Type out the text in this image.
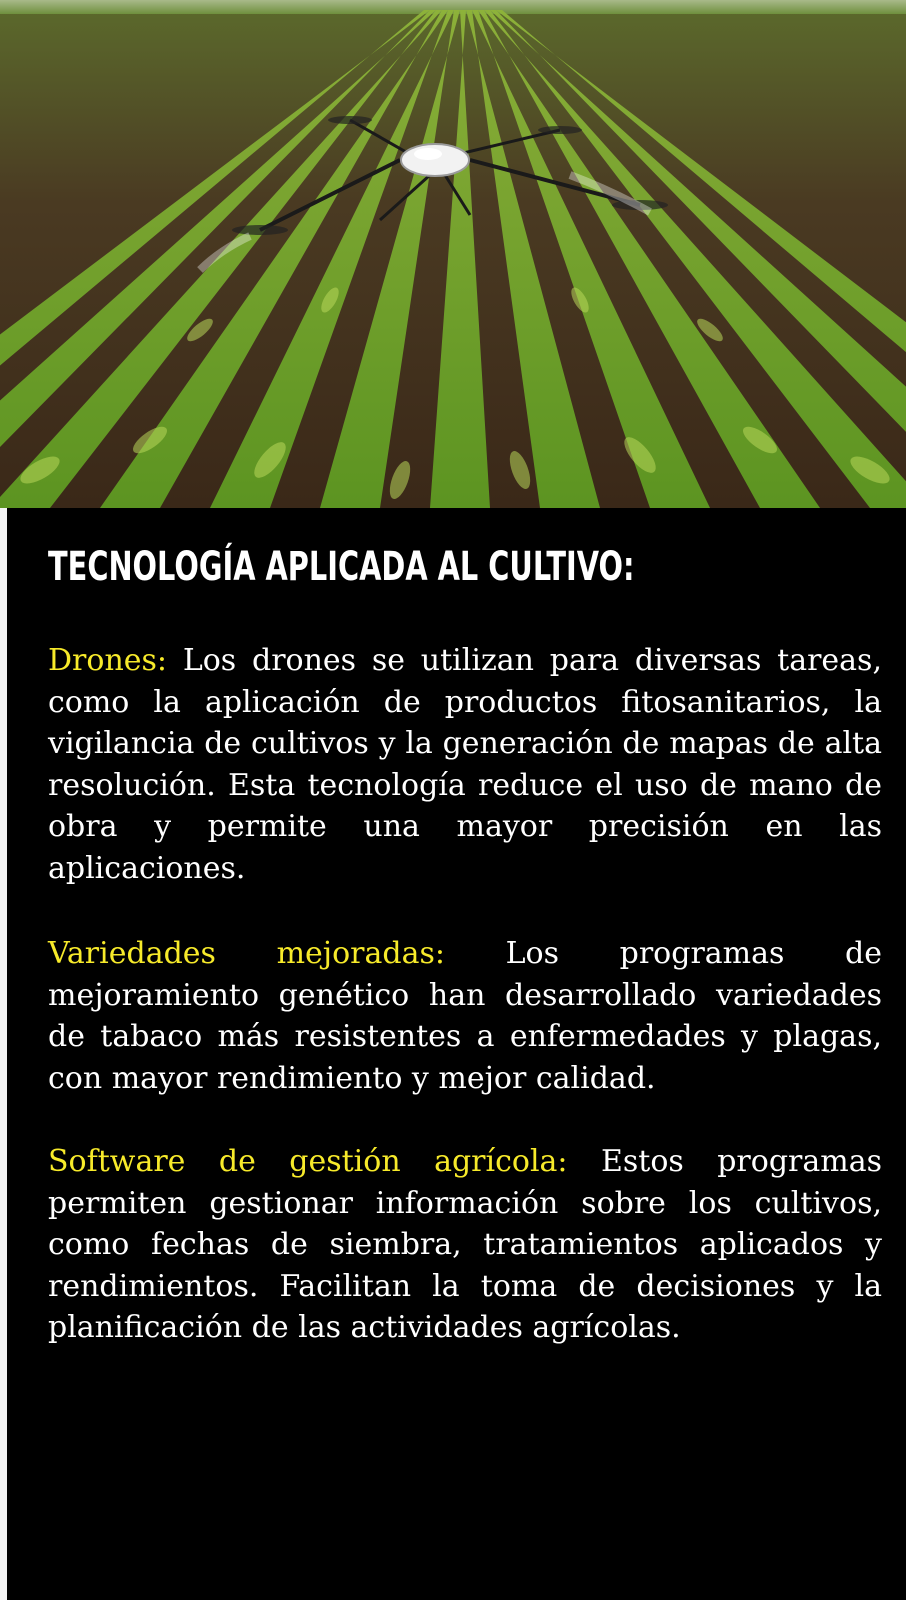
TECNOLOGÍA APLICADA AL CULTIVO:

Drones: Los drones se utilizan para diversas tareas, como la aplicación de productos fitosanitarios, la vigilancia de cultivos y la generación de mapas de alta resolución. Esta tecnología reduce el uso de mano de obra y permite una mayor precisión en las aplicaciones.

Variedades mejoradas: Los programas de mejoramiento genético han desarrollado variedades de tabaco más resistentes a enfermedades y plagas, con mayor rendimiento y mejor calidad.

Software de gestión agrícola: Estos programas permiten gestionar información sobre los cultivos, como fechas de siembra, tratamientos aplicados y rendimientos. Facilitan la toma de decisiones y la planificación de las actividades agrícolas.
